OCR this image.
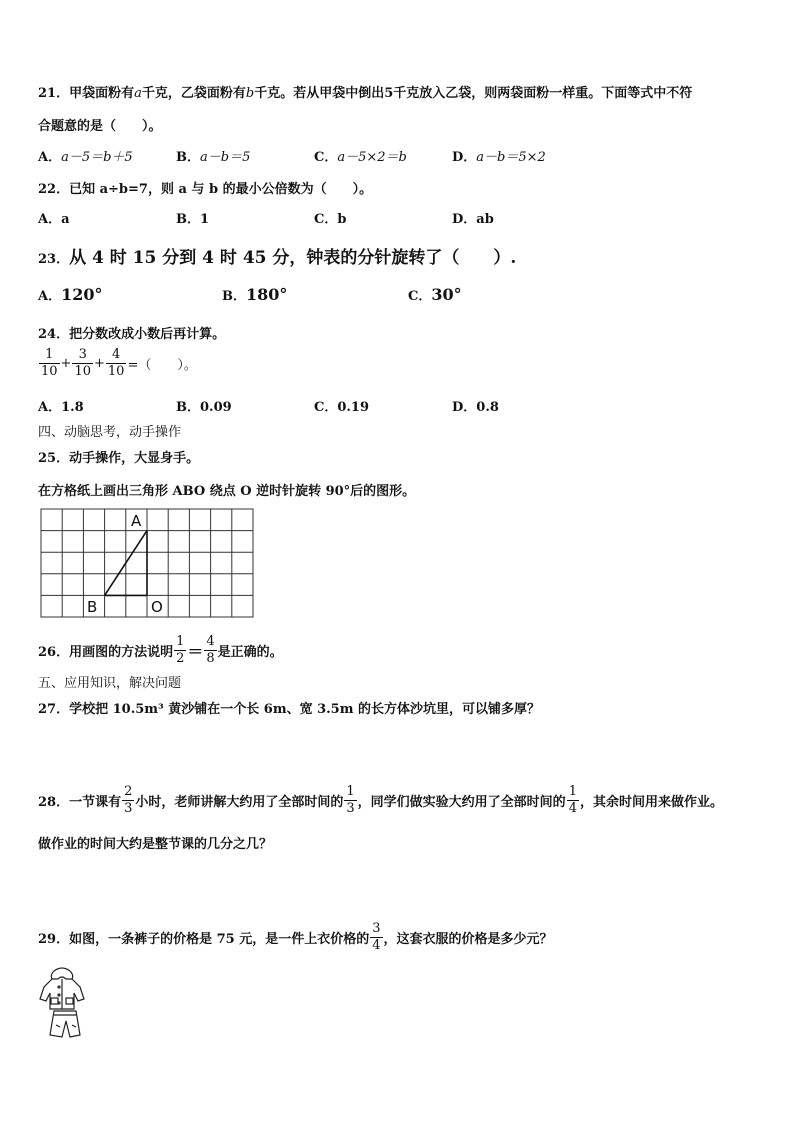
21．甲袋面粉有a千克，乙袋面粉有b千克。若从甲袋中倒出5千克放入乙袋，则两袋面粉一样重。下面等式中不符
合题意的是（　　）。
A．a－5＝b＋5	B．a－b＝5	C．a－5×2＝b	D．a－b＝5×2
22．已知 a÷b=7，则 a 与 b 的最小公倍数为（　　）。
A．a	B．1	C．b	D．ab
23．从 4 时 15 分到 4 时 45 分，钟表的分针旋转了（　　）.
A．120°	B．180°	C．30°
24．把分数改成小数后再计算。
$\frac{1}{10} + \frac{3}{10} + \frac{4}{10}$ =（　　）。
A．1.8	B．0.09	C．0.19	D．0.8
四、动脑思考，动手操作
25．动手操作，大显身手。
在方格纸上画出三角形 ABO 绕点 O 逆时针旋转 90°后的图形。
A
B	O
26．用画图的方法说明 $\frac{1}{2} = \frac{4}{8}$ 是正确的。
五、应用知识，解决问题
27．学校把 10.5m³ 黄沙铺在一个长 6m、宽 3.5m 的长方体沙坑里，可以铺多厚？
28．一节课有 $\frac{2}{3}$ 小时，老师讲解大约用了全部时间的 $\frac{1}{3}$ ，同学们做实验大约用了全部时间的 $\frac{1}{4}$ ，其余时间用来做作业。
做作业的时间大约是整节课的几分之几？
29．如图，一条裤子的价格是 75 元，是一件上衣价格的 $\frac{3}{4}$ ，这套衣服的价格是多少元？
